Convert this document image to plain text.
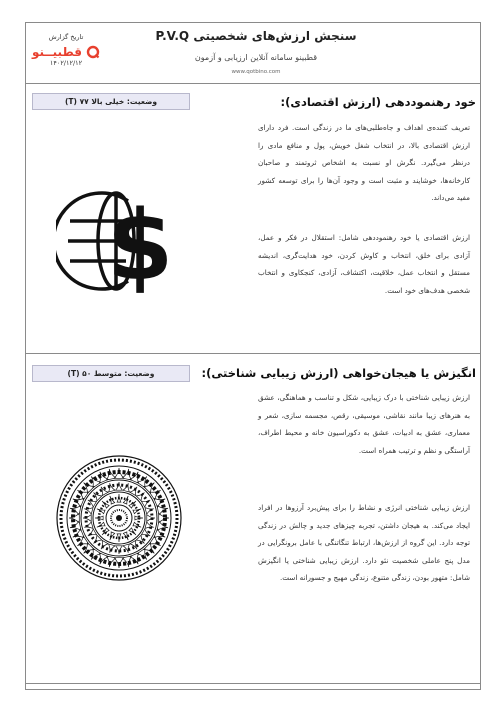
تاریخ گزارش
۱۴۰۲/۱۲/۱۲
سنجش ارزش‌های شخصیتی P.V.Q
قطبینو سامانه آنلاین ارزیابی و آزمون
www.qotbino.com
قطبیــنو
وضعیت: خیلی بالا ۷۷ (T)	خود رهنموددهی (ارزش اقتصادی):

تعریف کننده‌ی اهداف و جاه‌طلبی‌های ما در زندگی است. فرد دارای ارزش اقتصادی بالا، در انتخاب شغل خویش، پول و منافع مادی را درنظر می‌گیرد. نگرش او نسبت به اشخاص ثروتمند و صاحبان کارخانه‌ها، خوشایند و مثبت است و وجود آن‌ها را برای توسعه کشور مفید می‌داند.

ارزش اقتصادی یا خود رهنموددهی شامل: استقلال در فکر و عمل، آزادی برای خلق، انتخاب و کاوش کردن، خود هدایت‌گری، اندیشه مستقل و انتخاب عمل، خلاقیت، اکتشاف، آزادی، کنجکاوی و انتخاب شخصی هدف‌های خود است.

$
وضعیت: متوسط ۵۰ (T)	انگیزش یا هیجان‌خواهی (ارزش زیبایی شناختی):

ارزش زیبایی شناختی با درک زیبایی، شکل و تناسب و هماهنگی، عشق به هنرهای زیبا مانند نقاشی، موسیقی، رقص، مجسمه سازی، شعر و معماری، عشق به ادبیات، عشق به دکوراسیون خانه و محیط اطراف، آراستگی و نظم و ترتیب همراه است.

ارزش زیبایی شناختی انرژی و نشاط را برای پیش‌برد آرزوها در افراد ایجاد می‌کند. به هیجان داشتن، تجربه چیزهای جدید و چالش در زندگی توجه دارد. این گروه از ارزش‌ها، ارتباط تنگاتنگی با عامل برونگرایی در مدل پنج عاملی شخصیت نئو دارد. ارزش زیبایی شناختی یا انگیزش شامل: متهور بودن، زندگی متنوع، زندگی مهیج و جسورانه است.
